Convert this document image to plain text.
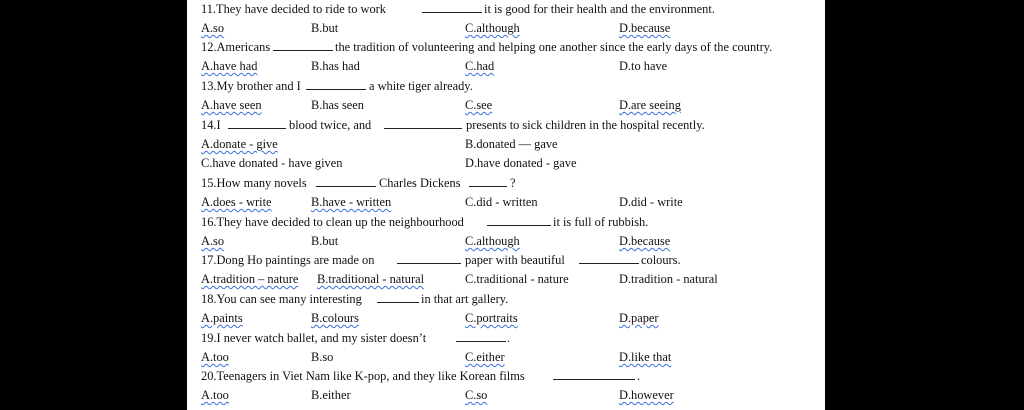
11.They have decided to ride to work	it is good for their health and the environment.
A.so	B.but	C.although	D.because
12.Americans	the tradition of volunteering and helping one another since the early days of the country.
A.have had	B.has had	C.had	D.to have
13.My brother and I	a white tiger already.
A.have seen	B.has seen	C.see	D.are seeing
14.I	blood twice, and	presents to sick children in the hospital recently.
A.donate - give	B.donated — gave
C.have donated - have given	D.have donated - gave
15.How many novels	Charles Dickens	?
A.does - write	B.have - written	C.did - written	D.did - write
16.They have decided to clean up the neighbourhood	it is full of rubbish.
A.so	B.but	C.although	D.because
17.Dong Ho paintings are made on	paper with beautiful	colours.
A.tradition – nature B.traditional - natural	C.traditional - nature	D.tradition - natural
18.You can see many interesting	in that art gallery.
A.paints	B.colours	C.portraits	D.paper
19.I never watch ballet, and my sister doesn’t	.
A.too	B.so	C.either	D.like that
20.Teenagers in Viet Nam like K-pop, and they like Korean films	.
A.too	B.either	C.so	D.however
